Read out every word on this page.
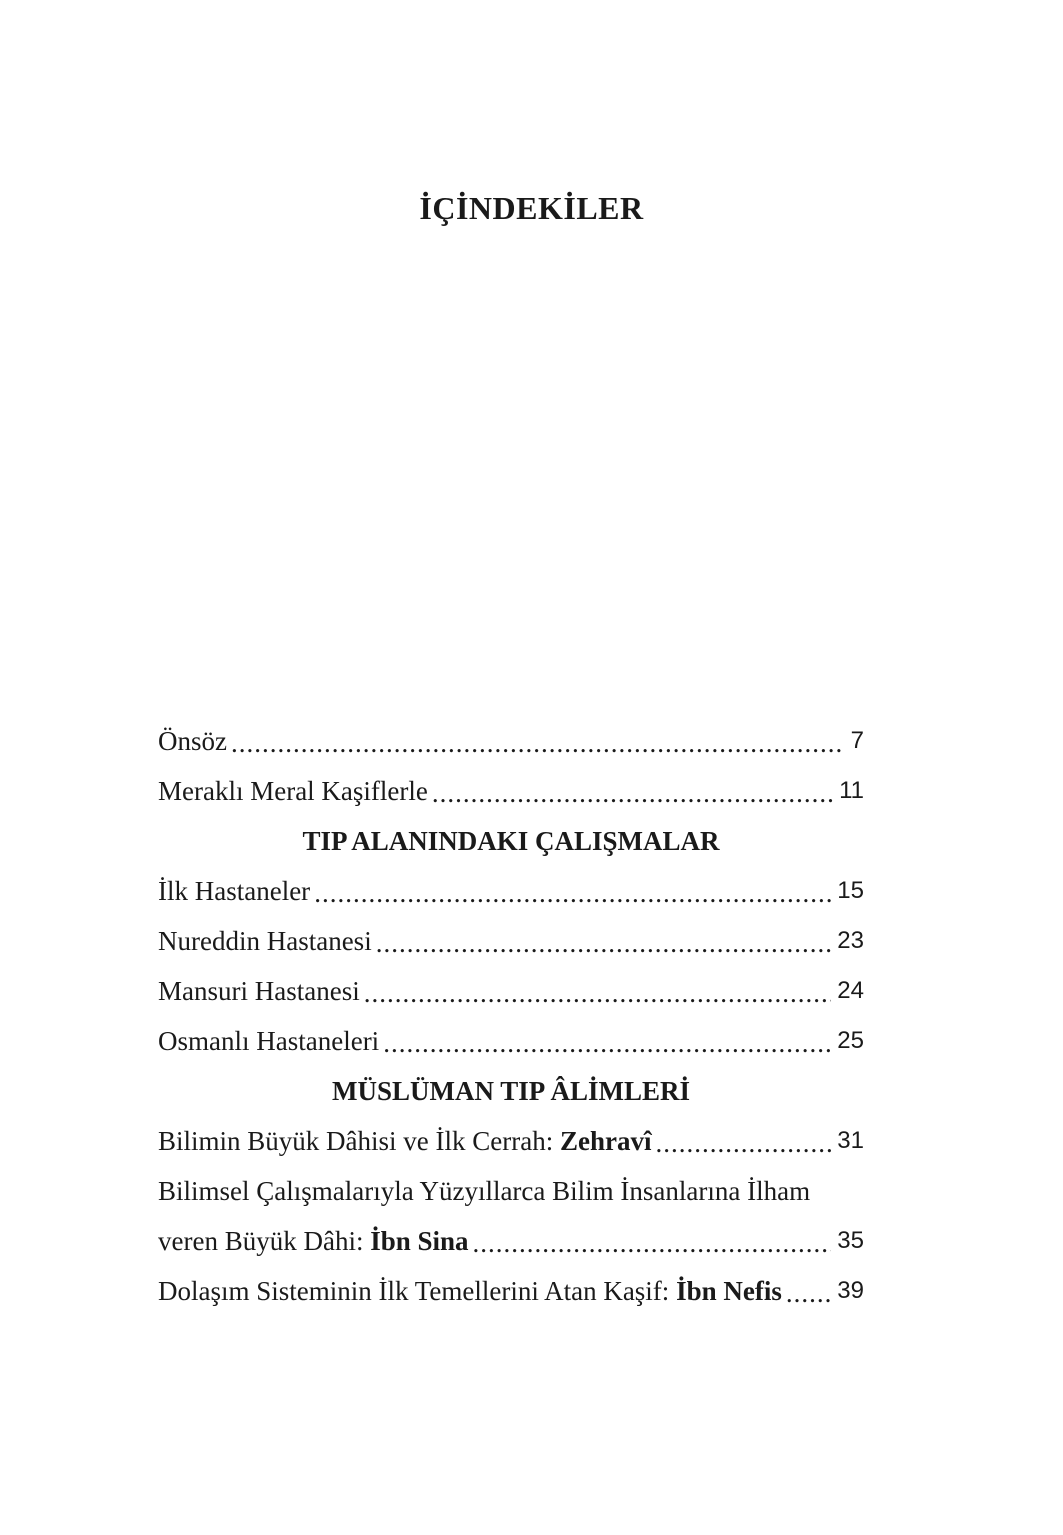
İÇİNDEKİLER
Önsöz .....	7
Meraklı Meral Kaşiflerle .....	11
TIP ALANINDAKI ÇALIŞMALAR
İlk Hastaneler .....	15
Nureddin Hastanesi .....	23
Mansuri Hastanesi .....	24
Osmanlı Hastaneleri .....	25
MÜSLÜMAN TIP ÂLİMLERİ
Bilimin Büyük Dâhisi ve İlk Cerrah: Zehravî .....	31
Bilimsel Çalışmalarıyla Yüzyıllarca Bilim İnsanlarına İlham
veren Büyük Dâhi: İbn Sina .....	35
Dolaşım Sisteminin İlk Temellerini Atan Kaşif: İbn Nefis ..... 39
